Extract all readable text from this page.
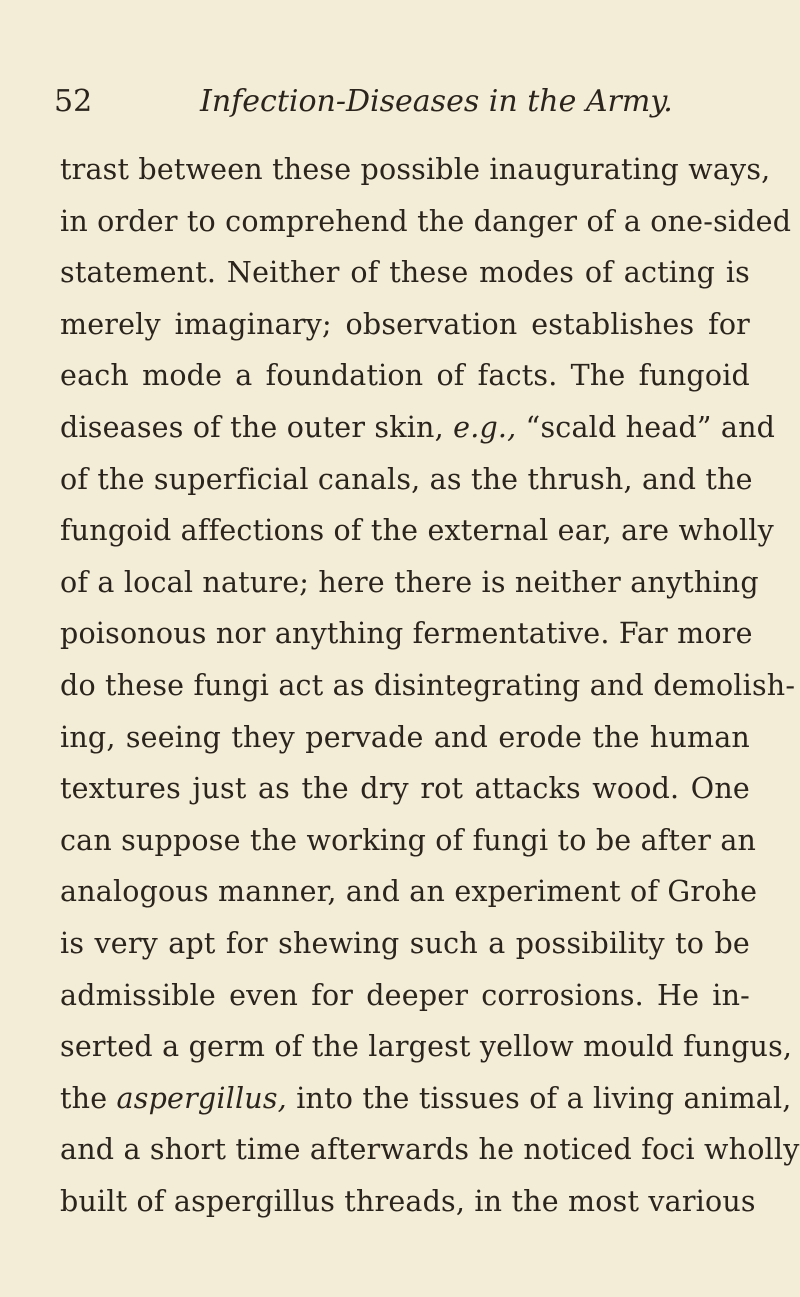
52	Infection-Diseases in the Army.
trast between these possible inaugurating ways,
in order to comprehend the danger of a one-sided
statement. Neither of these modes of acting is
merely imaginary; observation establishes for
each mode a foundation of facts. The fungoid
diseases of the outer skin, e.g., “scald head” and
of the superficial canals, as the thrush, and the
fungoid affections of the external ear, are wholly
of a local nature; here there is neither anything
poisonous nor anything fermentative. Far more
do these fungi act as disintegrating and demolish-
ing, seeing they pervade and erode the human
textures just as the dry rot attacks wood. One
can suppose the working of fungi to be after an
analogous manner, and an experiment of Grohe
is very apt for shewing such a possibility to be
admissible even for deeper corrosions. He in-
serted a germ of the largest yellow mould fungus,
the aspergillus, into the tissues of a living animal,
and a short time afterwards he noticed foci wholly
built of aspergillus threads, in the most various
